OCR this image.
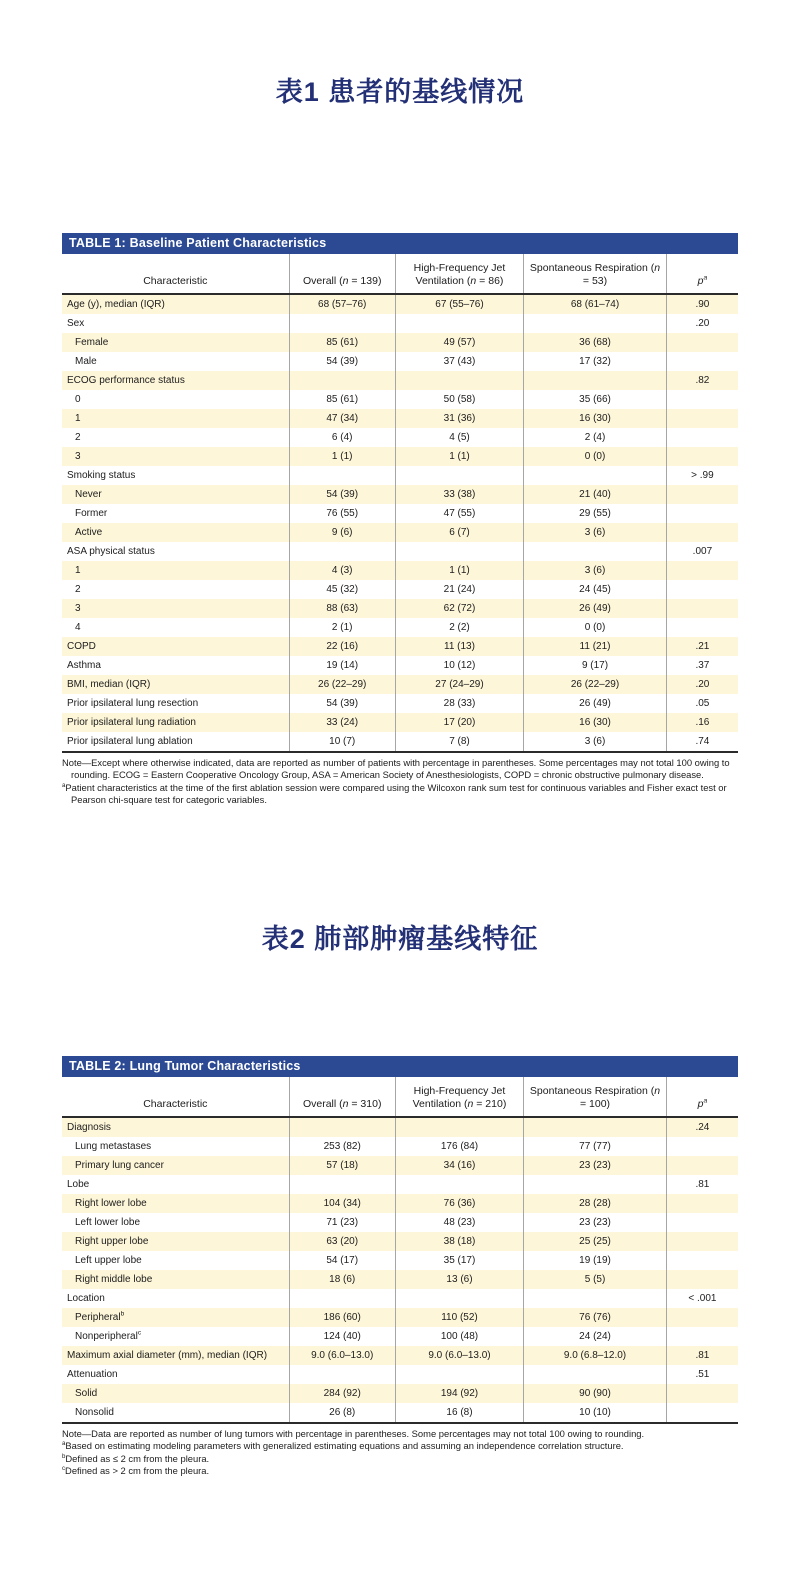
表1 患者的基线情况
TABLE 1: Baseline Patient Characteristics
Characteristic	Overall (n = 139)	High-Frequency Jet Ventilation (n = 86)	Spontaneous Respiration (n = 53)	$p^a$
Age (y), median (IQR)	68 (57–76)	67 (55–76)	68 (61–74)	.90
Sex				.20
Female	85 (61)	49 (57)	36 (68)	
Male	54 (39)	37 (43)	17 (32)	
ECOG performance status				.82
0	85 (61)	50 (58)	35 (66)	
1	47 (34)	31 (36)	16 (30)	
2	6 (4)	4 (5)	2 (4)	
3	1 (1)	1 (1)	0 (0)	
Smoking status				> .99
Never	54 (39)	33 (38)	21 (40)	
Former	76 (55)	47 (55)	29 (55)	
Active	9 (6)	6 (7)	3 (6)	
ASA physical status				.007
1	4 (3)	1 (1)	3 (6)	
2	45 (32)	21 (24)	24 (45)	
3	88 (63)	62 (72)	26 (49)	
4	2 (1)	2 (2)	0 (0)	
COPD	22 (16)	11 (13)	11 (21)	.21
Asthma	19 (14)	10 (12)	9 (17)	.37
BMI, median (IQR)	26 (22–29)	27 (24–29)	26 (22–29)	.20
Prior ipsilateral lung resection	54 (39)	28 (33)	26 (49)	.05
Prior ipsilateral lung radiation	33 (24)	17 (20)	16 (30)	.16
Prior ipsilateral lung ablation	10 (7)	7 (8)	3 (6)	.74

Note—Except where otherwise indicated, data are reported as number of patients with percentage in parentheses. Some percentages may not total 100 owing to rounding. ECOG = Eastern Cooperative Oncology Group, ASA = American Society of Anesthesiologists, COPD = chronic obstructive pulmonary disease.

$^a$Patient characteristics at the time of the first ablation session were compared using the Wilcoxon rank sum test for continuous variables and Fisher exact test or Pearson chi-square test for categoric variables.

表2 肺部肿瘤基线特征
TABLE 2: Lung Tumor Characteristics
Characteristic	Overall (n = 310)	High-Frequency Jet Ventilation (n = 210)	Spontaneous Respiration (n = 100)	$p^a$
Diagnosis				.24
Lung metastases	253 (82)	176 (84)	77 (77)	
Primary lung cancer	57 (18)	34 (16)	23 (23)	
Lobe				.81
Right lower lobe	104 (34)	76 (36)	28 (28)	
Left lower lobe	71 (23)	48 (23)	23 (23)	
Right upper lobe	63 (20)	38 (18)	25 (25)	
Left upper lobe	54 (17)	35 (17)	19 (19)	
Right middle lobe	18 (6)	13 (6)	5 (5)	
Location				< .001
Peripheral$^b$	186 (60)	110 (52)	76 (76)	
Nonperipheral$^c$	124 (40)	100 (48)	24 (24)	
Maximum axial diameter (mm), median (IQR)	9.0 (6.0–13.0)	9.0 (6.0–13.0)	9.0 (6.8–12.0)	.81
Attenuation				.51
Solid	284 (92)	194 (92)	90 (90)	
Nonsolid	26 (8)	16 (8)	10 (10)	

Note—Data are reported as number of lung tumors with percentage in parentheses. Some percentages may not total 100 owing to rounding.

$^a$Based on estimating modeling parameters with generalized estimating equations and assuming an independence correlation structure.

$^b$Defined as ≤ 2 cm from the pleura.

$^c$Defined as > 2 cm from the pleura.
